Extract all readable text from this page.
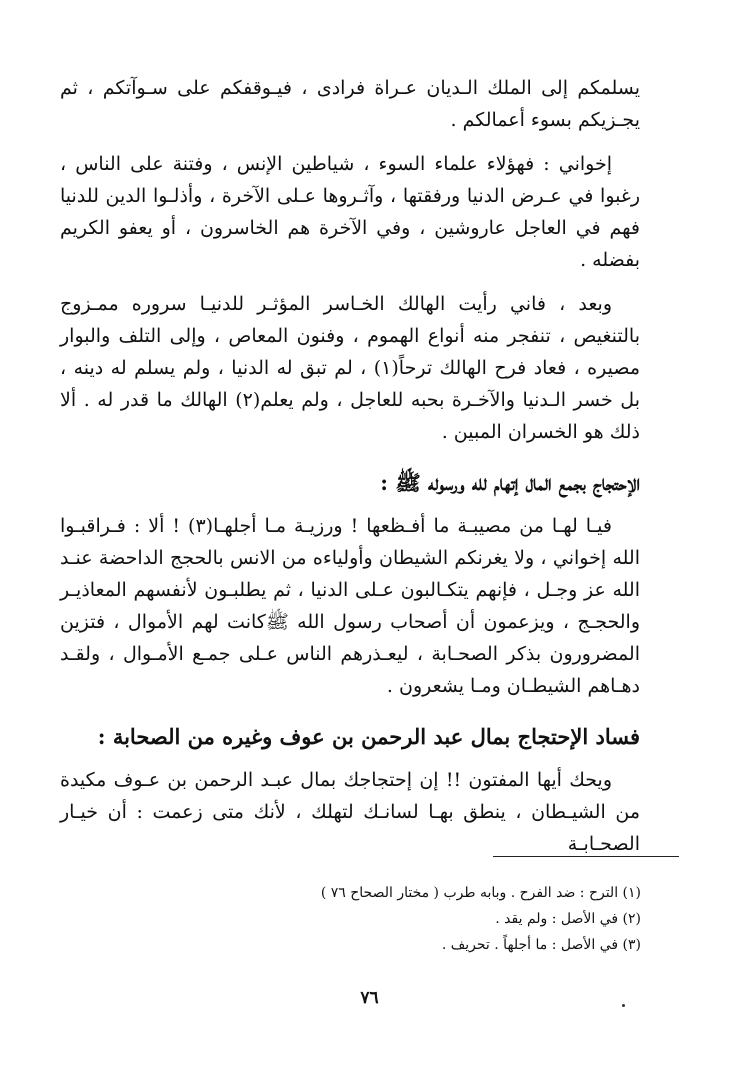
يسلمكم إلى الملك الـديان عـراة فرادى ، فيـوقفكم على سـوآتكم ، ثم يجـزيكم بسوء أعمالكم .

إخواني : فهؤلاء علماء السوء ، شياطين الإنس ، وفتنة على الناس ، رغبوا في عـرض الدنيا ورفقتها ، وآثـروها عـلى الآخرة ، وأذلـوا الدين للدنيا فهم في العاجل عاروشين ، وفي الآخرة هم الخاسرون ، أو يعفو الكريم بفضله .

وبعد ، فاني رأيت الهالك الخـاسر المؤثـر للدنيـا سروره ممـزوج بالتنغيص ، تنفجر منه أنواع الهموم ، وفنون المعاص ، وإلى التلف والبوار مصيره ، فعاد فرح الهالك ترحاً(١) ، لم تبق له الدنيا ، ولم يسلم له دينه ، بل خسر الـدنيا والآخـرة بحبه للعاجل ، ولم يعلم(٢) الهالك ما قدر له . ألا ذلك هو الخسران المبين .

الإحتجاج بجمع المال إتهام لله ورسوله ﷺ :

فيـا لهـا من مصيبـة ما أفـظعها ! ورزيـة مـا أجلهـا(٣) ! ألا : فـراقبـوا الله إخواني ، ولا يغرنكم الشيطان وأولياءه من الانس بالحجج الداحضة عنـد الله عز وجـل ، فإنهم يتكـالبون عـلى الدنيا ، ثم يطلبـون لأنفسهم المعاذيـر والحجـج ، ويزعمون أن أصحاب رسول الله ﷺكانت لهم الأموال ، فتزين المضرورون بذكر الصحـابة ، ليعـذرهم الناس عـلى جمـع الأمـوال ، ولقـد دهـاهم الشيطـان ومـا يشعرون .

فساد الإحتجاج بمال عبد الرحمن بن عوف وغيره من الصحابة :

ويحك أيها المفتون !! إن إحتجاجك بمال عبـد الرحمن بن عـوف مكيدة من الشيـطان ، ينطق بهـا لسانـك لتهلك ، لأنك متى زعمت : أن خيـار الصحـابـة

(١) الترح : ضد الفرح . وبابه طرب ( مختار الصحاح ٧٦ )
(٢) في الأصل : ولم يقد .
(٣) في الأصل : ما أجلهاً . تحريف .
٧٦
